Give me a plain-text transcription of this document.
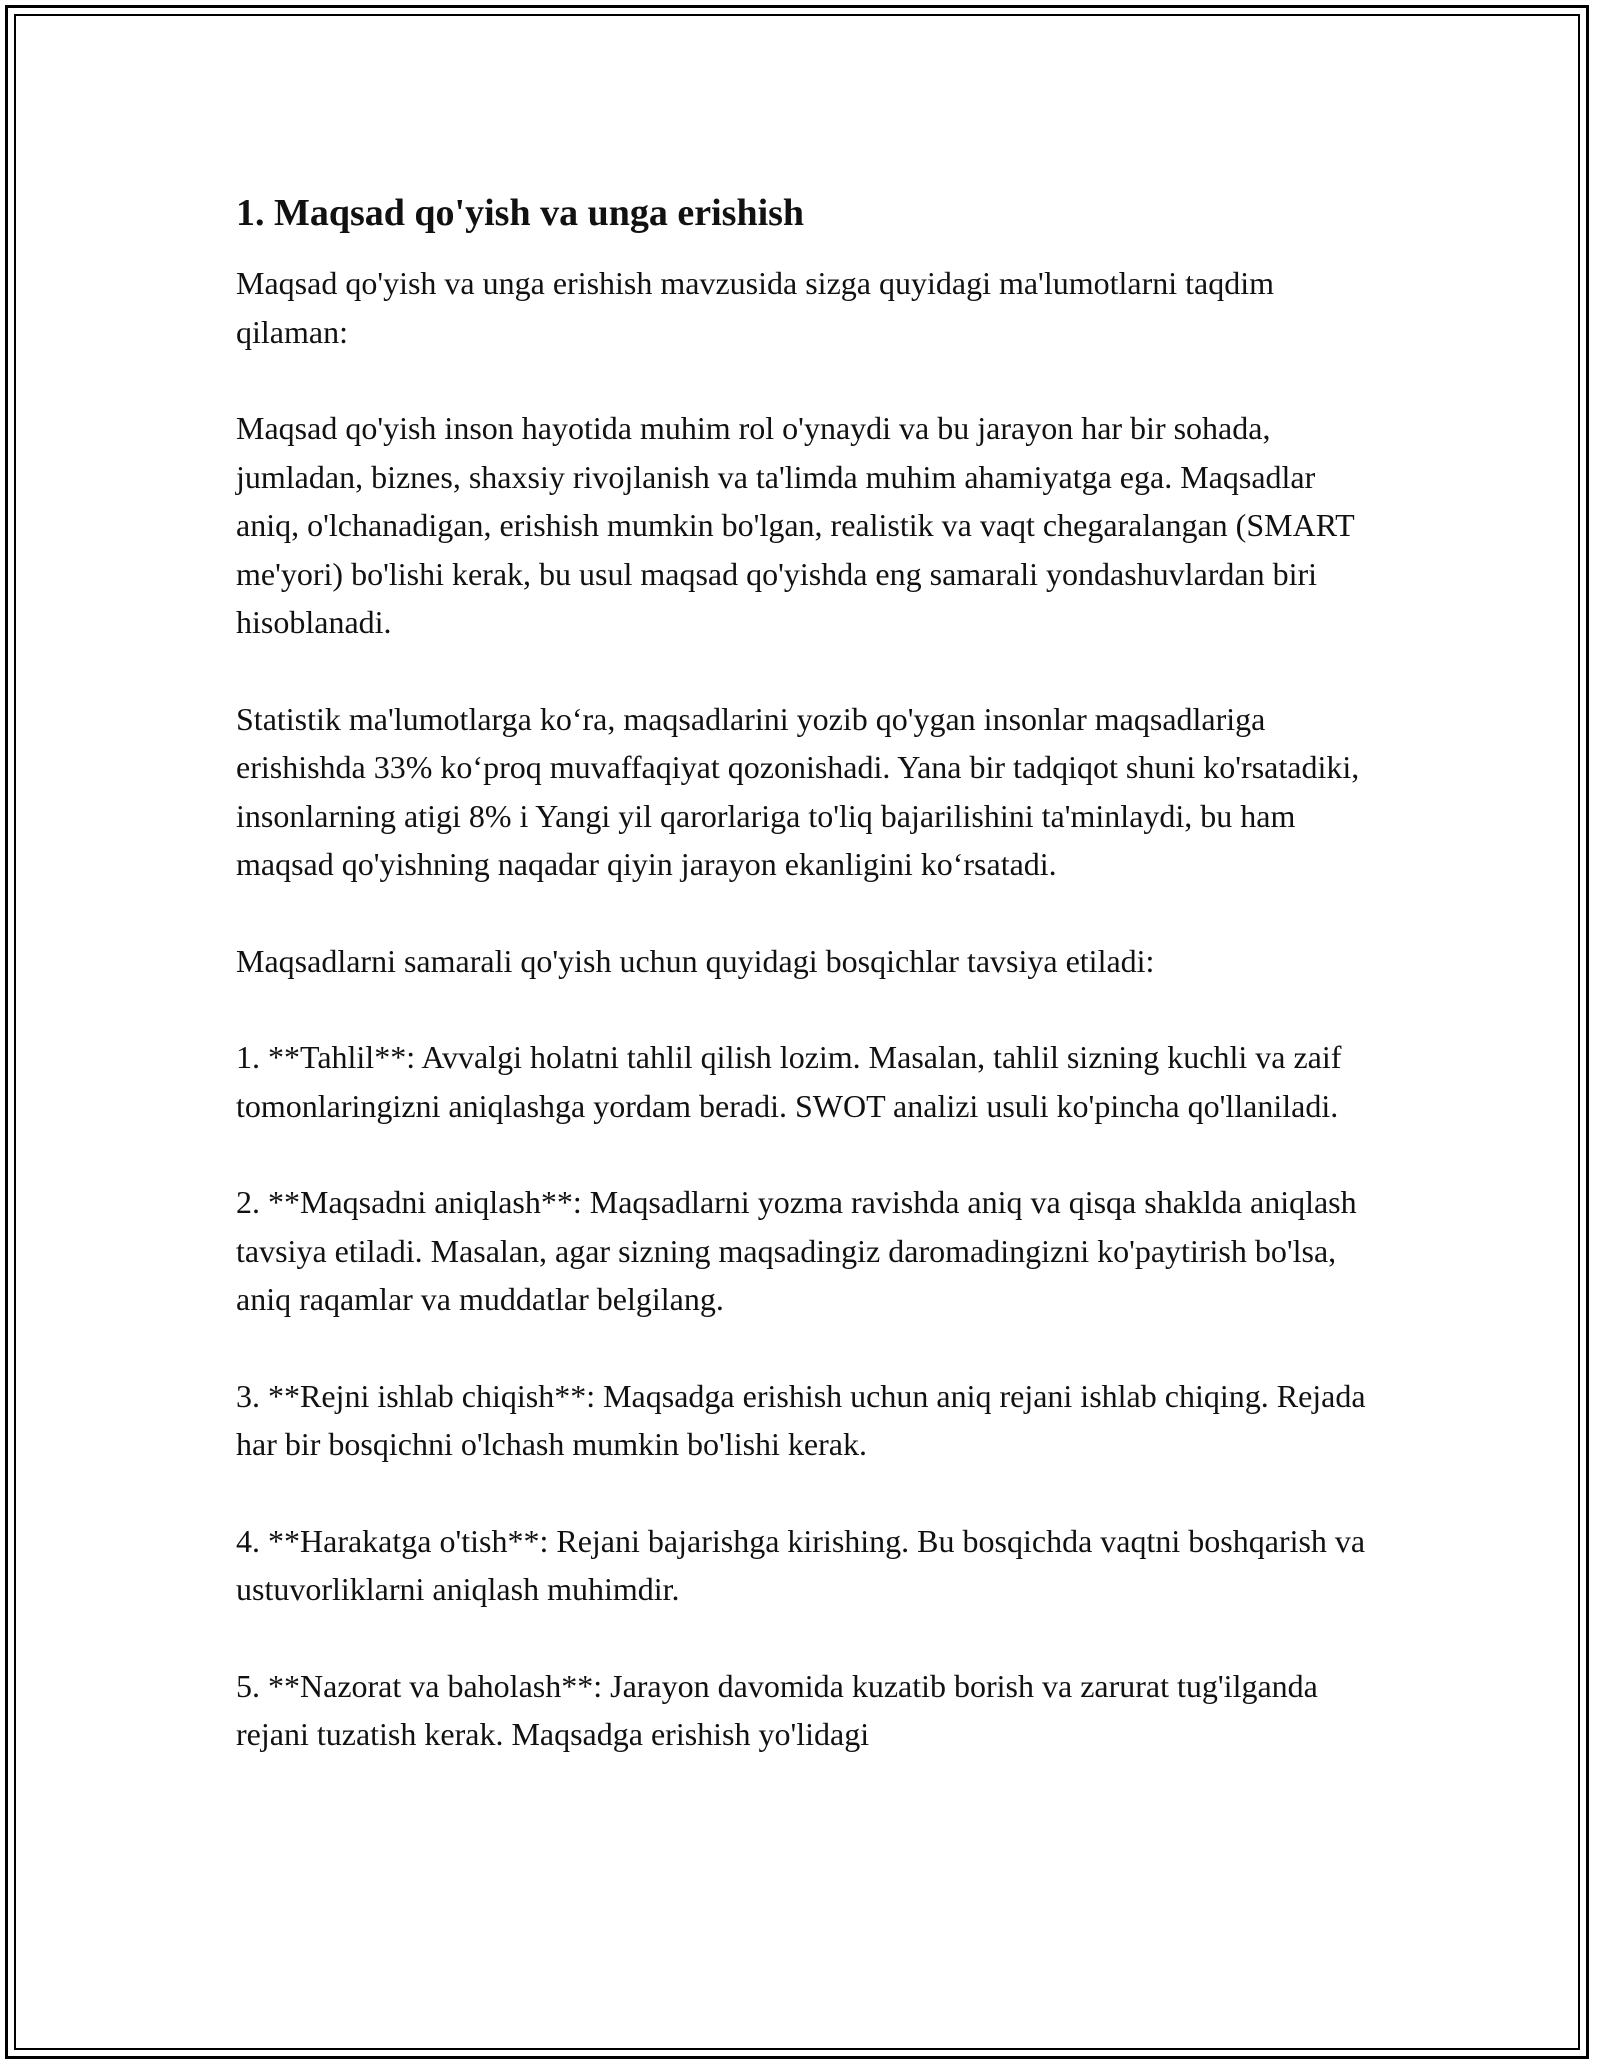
1. Maqsad qo'yish va unga erishish

Maqsad qo'yish va unga erishish mavzusida sizga quyidagi ma'lumotlarni taqdim qilaman:

Maqsad qo'yish inson hayotida muhim rol o'ynaydi va bu jarayon har bir sohada, jumladan, biznes, shaxsiy rivojlanish va ta'limda muhim ahamiyatga ega. Maqsadlar aniq, o'lchanadigan, erishish mumkin bo'lgan, realistik va vaqt chegaralangan (SMART me'yori) bo'lishi kerak, bu usul maqsad qo'yishda eng samarali yondashuvlardan biri hisoblanadi.

Statistik ma'lumotlarga ko‘ra, maqsadlarini yozib qo'ygan insonlar maqsadlariga erishishda 33% ko‘proq muvaffaqiyat qozonishadi. Yana bir tadqiqot shuni ko'rsatadiki, insonlarning atigi 8% i Yangi yil qarorlariga to'liq bajarilishini ta'minlaydi, bu ham maqsad qo'yishning naqadar qiyin jarayon ekanligini ko‘rsatadi.

Maqsadlarni samarali qo'yish uchun quyidagi bosqichlar tavsiya etiladi:

1. **Tahlil**: Avvalgi holatni tahlil qilish lozim. Masalan, tahlil sizning kuchli va zaif tomonlaringizni aniqlashga yordam beradi. SWOT analizi usuli ko'pincha qo'llaniladi.

2. **Maqsadni aniqlash**: Maqsadlarni yozma ravishda aniq va qisqa shaklda aniqlash tavsiya etiladi. Masalan, agar sizning maqsadingiz daromadingizni ko'paytirish bo'lsa, aniq raqamlar va muddatlar belgilang.

3. **Rejni ishlab chiqish**: Maqsadga erishish uchun aniq rejani ishlab chiqing. Rejada har bir bosqichni o'lchash mumkin bo'lishi kerak.

4. **Harakatga o'tish**: Rejani bajarishga kirishing. Bu bosqichda vaqtni boshqarish va ustuvorliklarni aniqlash muhimdir.

5. **Nazorat va baholash**: Jarayon davomida kuzatib borish va zarurat tug'ilganda rejani tuzatish kerak. Maqsadga erishish yo'lidagi
